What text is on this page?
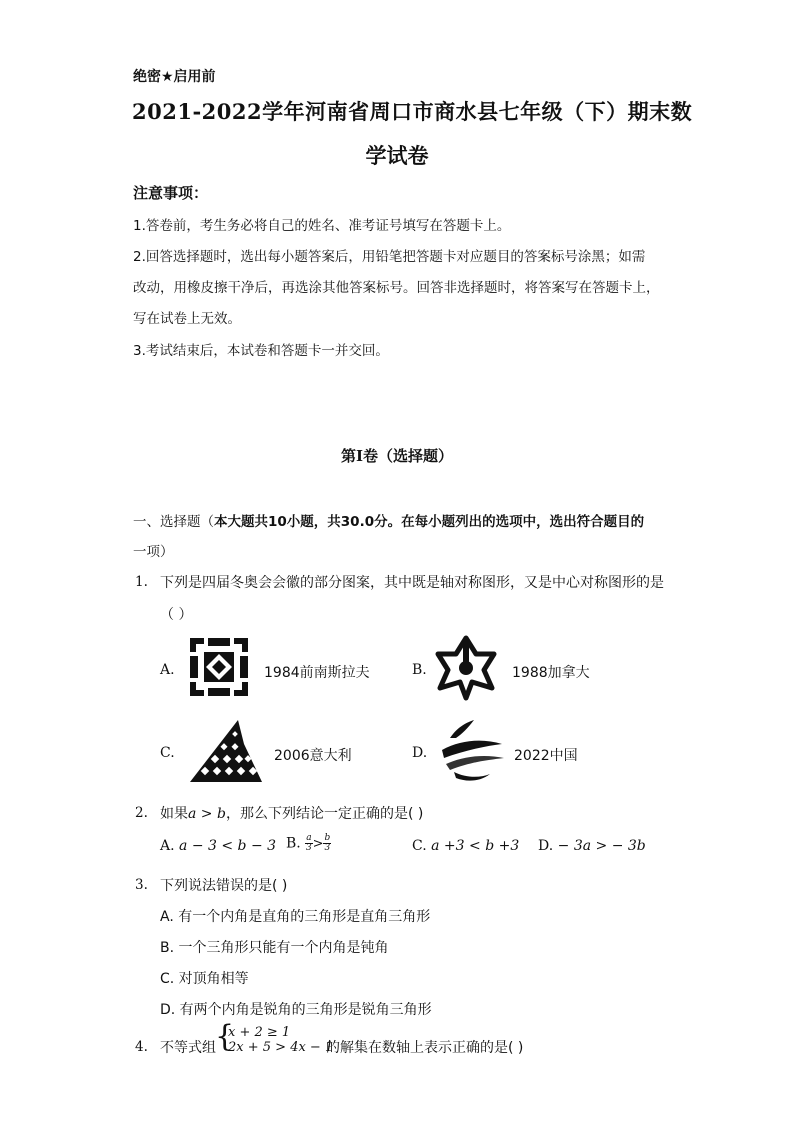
绝密★启用前
2021-2022学年河南省周口市商水县七年级（下）期末数
学试卷
注意事项：
1.答卷前，考生务必将自己的姓名、准考证号填写在答题卡上。
2.回答选择题时，选出每小题答案后，用铅笔把答题卡对应题目的答案标号涂黑；如需
改动，用橡皮擦干净后，再选涂其他答案标号。回答非选择题时，将答案写在答题卡上，
写在试卷上无效。
3.考试结束后，本试卷和答题卡一并交回。
第I卷（选择题）
一、选择题（本大题共10小题，共30.0分。在每小题列出的选项中，选出符合题目的
一项）
1. 下列是四届冬奥会会徽的部分图案，其中既是轴对称图形，又是中心对称图形的是
（ ）
A.	1984前南斯拉夫	B.	1988加拿大
C.	2006意大利	D.	2022中国
2. 如果a > b，那么下列结论一定正确的是( )
A. a − 3 < b − 3 B. $\frac{a}{3} > \frac{b}{3}$	C. a +3 < b +3 D. − 3a > − 3b
3. 下列说法错误的是( )
A. 有一个内角是直角的三角形是直角三角形
B. 一个三角形只能有一个内角是钝角
C. 对顶角相等
D. 有两个内角是锐角的三角形是锐角三角形
4. 不等式组 {
x + 2 ≥ 1
2x + 5 > 4x − 1
的解集在数轴上表示正确的是( )
